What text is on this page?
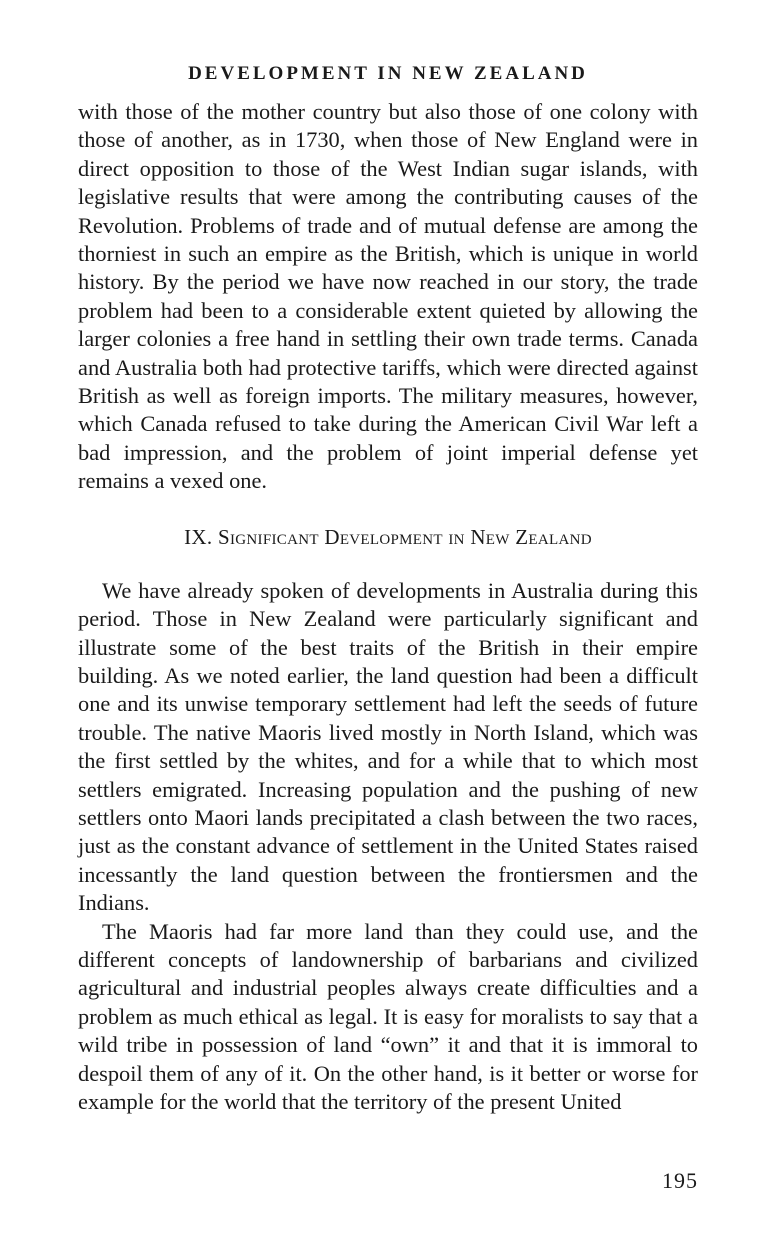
DEVELOPMENT IN NEW ZEALAND

with those of the mother country but also those of one colony with those of another, as in 1730, when those of New England were in direct opposition to those of the West Indian sugar islands, with legislative results that were among the contributing causes of the Revolution. Problems of trade and of mutual defense are among the thorniest in such an empire as the British, which is unique in world history. By the period we have now reached in our story, the trade problem had been to a considerable extent quieted by allowing the larger colonies a free hand in settling their own trade terms. Canada and Australia both had protective tariffs, which were directed against British as well as foreign imports. The military measures, however, which Canada refused to take during the American Civil War left a bad impression, and the problem of joint imperial defense yet remains a vexed one.

IX. Significant Development in New Zealand

We have already spoken of developments in Australia during this period. Those in New Zealand were particularly significant and illustrate some of the best traits of the British in their empire building. As we noted earlier, the land question had been a difficult one and its unwise temporary settlement had left the seeds of future trouble. The native Maoris lived mostly in North Island, which was the first settled by the whites, and for a while that to which most settlers emigrated. Increasing population and the pushing of new settlers onto Maori lands precipitated a clash between the two races, just as the constant advance of settlement in the United States raised incessantly the land question between the frontiersmen and the Indians.

The Maoris had far more land than they could use, and the different concepts of landownership of barbarians and civilized agricultural and industrial peoples always create difficulties and a problem as much ethical as legal. It is easy for moralists to say that a wild tribe in possession of land “own” it and that it is immoral to despoil them of any of it. On the other hand, is it better or worse for example for the world that the territory of the present United

195
